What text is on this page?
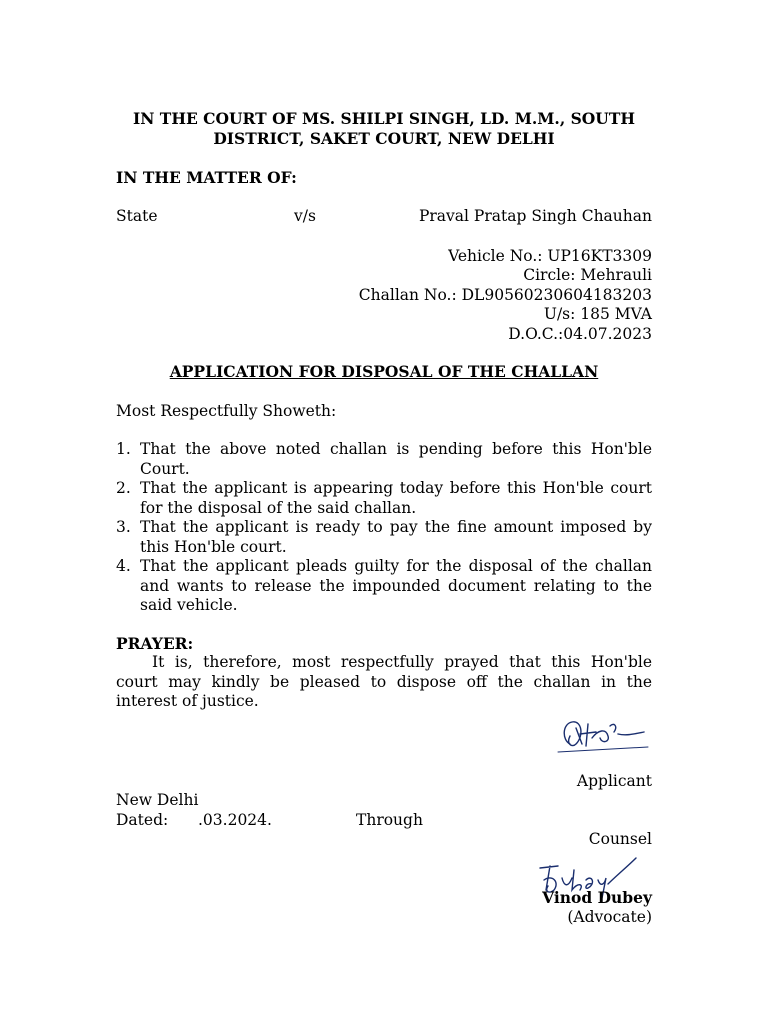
IN THE COURT OF MS. SHILPI SINGH, LD. M.M., SOUTH DISTRICT, SAKET COURT, NEW DELHI
IN THE MATTER OF:
State	v/s	Praval Pratap Singh Chauhan
Vehicle No.: UP16KT3309
Circle: Mehrauli
Challan No.: DL90560230604183203
U/s: 185 MVA
D.O.C.:04.07.2023
APPLICATION FOR DISPOSAL OF THE CHALLAN
Most Respectfully Showeth:
1. That the above noted challan is pending before this Hon'ble Court.
2. That the applicant is appearing today before this Hon'ble court for the disposal of the said challan.
3. That the applicant is ready to pay the fine amount imposed by this Hon'ble court.
4. That the applicant pleads guilty for the disposal of the challan and wants to release the impounded document relating to the said vehicle.
PRAYER:
It is, therefore, most respectfully prayed that this Hon'ble court may kindly be pleased to dispose off the challan in the interest of justice.
Applicant
New Delhi
Dated: .03.2024.	Through
Counsel
Vinod Dubey
(Advocate)
